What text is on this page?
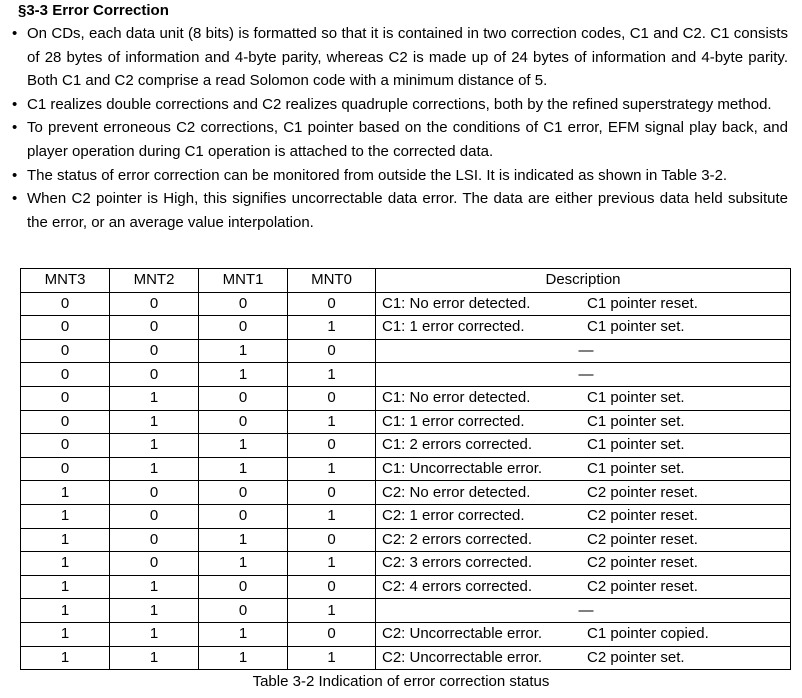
§3-3 Error Correction
• On CDs, each data unit (8 bits) is formatted so that it is contained in two correction codes, C1 and C2. C1 consists of 28 bytes of information and 4-byte parity, whereas C2 is made up of 24 bytes of information and 4-byte parity. Both C1 and C2 comprise a read Solomon code with a minimum distance of 5.
• C1 realizes double corrections and C2 realizes quadruple corrections, both by the refined superstrategy method.
• To prevent erroneous C2 corrections, C1 pointer based on the conditions of C1 error, EFM signal play back, and player operation during C1 operation is attached to the corrected data.
• The status of error correction can be monitored from outside the LSI. It is indicated as shown in Table 3-2.
• When C2 pointer is High, this signifies uncorrectable data error. The data are either previous data held subsitute the error, or an average value interpolation.
MNT3	MNT2	MNT1	MNT0	Description
0	0	0	0	C1: No error detected. C1 pointer reset.
0	0	0	1	C1: 1 error corrected. C1 pointer set.
0	0	1	0	—
0	0	1	1	—
0	1	0	0	C1: No error detected. C1 pointer set.
0	1	0	1	C1: 1 error corrected. C1 pointer set.
0	1	1	0	C1: 2 errors corrected. C1 pointer set.
0	1	1	1	C1: Uncorrectable error. C1 pointer set.
1	0	0	0	C2: No error detected. C2 pointer reset.
1	0	0	1	C2: 1 error corrected. C2 pointer reset.
1	0	1	0	C2: 2 errors corrected. C2 pointer reset.
1	0	1	1	C2: 3 errors corrected. C2 pointer reset.
1	1	0	0	C2: 4 errors corrected. C2 pointer reset.
1	1	0	1	—
1	1	1	0	C2: Uncorrectable error. C1 pointer copied.
1	1	1	1	C2: Uncorrectable error. C2 pointer set.
Table 3-2 Indication of error correction status
